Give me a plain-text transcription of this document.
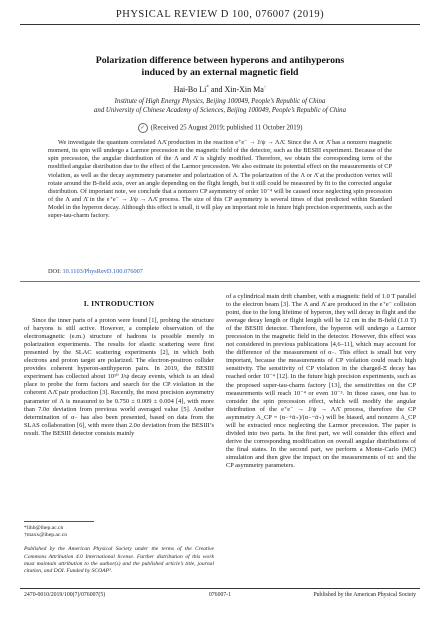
PHYSICAL REVIEW D 100, 076007 (2019)
Polarization difference between hyperons and antihyperons
induced by an external magnetic field
Hai-Bo Li* and Xin-Xin Ma†
Institute of High Energy Physics, Beijing 100049, People’s Republic of China
and University of Chinese Academy of Sciences, Beijing 100049, People’s Republic of China
✓ (Received 25 August 2019; published 11 October 2019)

We investigate the quantum correlated ΛΛ̄ production in the reaction e⁺e⁻ → J/ψ → ΛΛ̄. Since the Λ or Λ̄ has a nonzero magnetic moment, its spin will undergo a Larmor precession in the magnetic field of the detector, such as the BESIII experiment. Because of the spin precession, the angular distribution of the Λ and Λ̄ is slightly modified. Therefore, we obtain the corresponding term of the modified angular distribution due to the effect of the Larmor precession. We also estimate its potential effect on the measurements of CP violation, as well as the decay asymmetry parameter and polarization of Λ. The polarization of the Λ or Λ̄ at the production vertex will rotate around the B-field axis, over an angle depending on the flight length, but it still could be measured by fit to the corrected angular distribution. Of important note, we conclude that a nonzero CP asymmetry of order 10⁻⁴ will be caused once neglecting spin precession of the Λ and Λ̄ in the e⁺e⁻ → J/ψ → ΛΛ̄ process. The size of this CP asymmetry is several times of that predicted within Standard Model in the hyperon decay. Although this effect is small, it will play an important role in future high precision experiments, such as the super-tau-charm factory.

DOI: 10.1103/PhysRevD.100.076007
I. INTRODUCTION

Since the inner parts of a proton were found [1], probing the structure of baryons is still active. However, a complete observation of the electromagnetic (e.m.) structure of hadrons is possible merely in polarization experiments. The results for elastic scattering were first presented by the SLAC scattering experiments [2], in which both electrons and proton target are polarized. The electron-positron collider provides coherent hyperon-antihyperon pairs. In 2019, the BESIII experiment has collected about 10¹⁰ J/ψ decay events, which is an ideal place to probe the form factors and search for the CP violation in the coherent ΛΛ̄ pair production [3]. Recently, the most precision asymmetry parameter of Λ is measured to be 0.750 ± 0.009 ± 0.004 [4], with more than 7.0σ deviation from previous world averaged value [5]. Another determination of α₋ has also been presented, based on data from the SLAS collaboration [6], with more than 2.0σ deviation from the BESIII’s result. The BESIII detector consists mainly

of a cylindrical main drift chamber, with a magnetic field of 1.0 T parallel to the electron beam [3]. The Λ and Λ̄ are produced in the e⁺e⁻ collision point, due to the long lifetime of hyperon, they will decay in flight and the average decay length or flight length will be 12 cm in the B-field (1.0 T) of the BESIII detector. Therefore, the hyperon will undergo a Larmor precession in the magnetic field in the detector. However, this effect was not considered in previous publications [4,6–11], which may account for the difference of the measurement of α₋. This effect is small but very important, because the measurements of CP violation could reach high sensitivity. The sensitivity of CP violation in the charged-Ξ decay has reached order 10⁻⁴ [12]. In the future high precision experiments, such as the proposed super-tau-charm factory [13], the sensitivities on the CP measurements will reach 10⁻⁴ or even 10⁻⁵. In those cases, one has to consider the spin precession effect, which will modify the angular distribution of the e⁺e⁻ → J/ψ → ΛΛ̄ process, therefore the CP asymmetry A_CP = (α₋+ᾱ₊)/(α₋−ᾱ₊) will be biased, and nonzero A_CP will be extracted once neglecting the Larmor precession. The paper is divided into two parts. In the first part, we will consider this effect and derive the corresponding modification on overall angular distributions of the final states. In the second part, we perform a Monte-Carlo (MC) simulation and then give the impact on the measurements of α± and the CP asymmetry parameters.

*lihb@ihep.ac.cn
†maxx@ihep.ac.cn
Published by the American Physical Society under the terms of the Creative Commons Attribution 4.0 International license. Further distribution of this work must maintain attribution to the author(s) and the published article’s title, journal citation, and DOI. Funded by SCOAP³.
2470-0010/2019/100(7)/076007(5)	076007-1	Published by the American Physical Society
